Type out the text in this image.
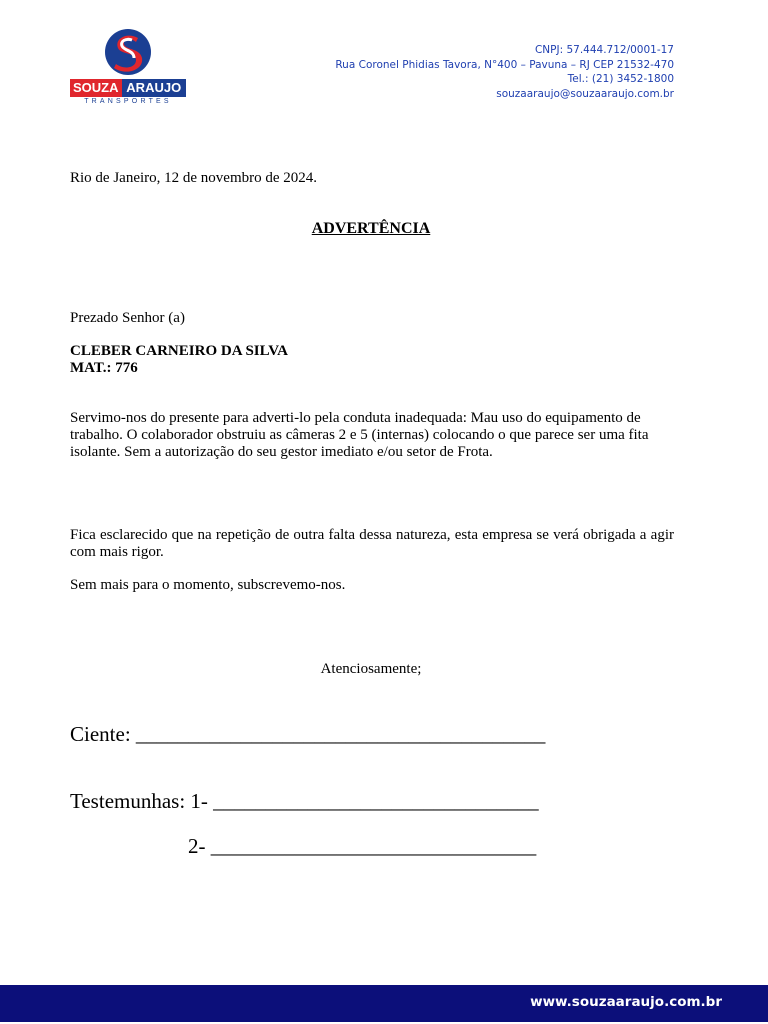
SOUZA ARAUJO
TRANSPORTES
CNPJ: 57.444.712/0001-17
Rua Coronel Phidias Tavora, N°400 – Pavuna – RJ CEP 21532-470
Tel.: (21) 3452-1800
souzaaraujo@souzaaraujo.com.br
Rio de Janeiro, 12 de novembro de 2024.
ADVERTÊNCIA
Prezado Senhor (a)
CLEBER CARNEIRO DA SILVA
MAT.: 776

Servimo-nos do presente para adverti-lo pela conduta inadequada: Mau uso do equipamento de trabalho. O colaborador obstruiu as câmeras 2 e 5 (internas) colocando o que parece ser uma fita isolante. Sem a autorização do seu gestor imediato e/ou setor de Frota.

Fica esclarecido que na repetição de outra falta dessa natureza, esta empresa se verá obrigada a agir com mais rigor.

Sem mais para o momento, subscrevemo-nos.

Atenciosamente;
Ciente: _______________________________________
Testemunhas: 1- _______________________________
2- _______________________________
www.souzaaraujo.com.br
